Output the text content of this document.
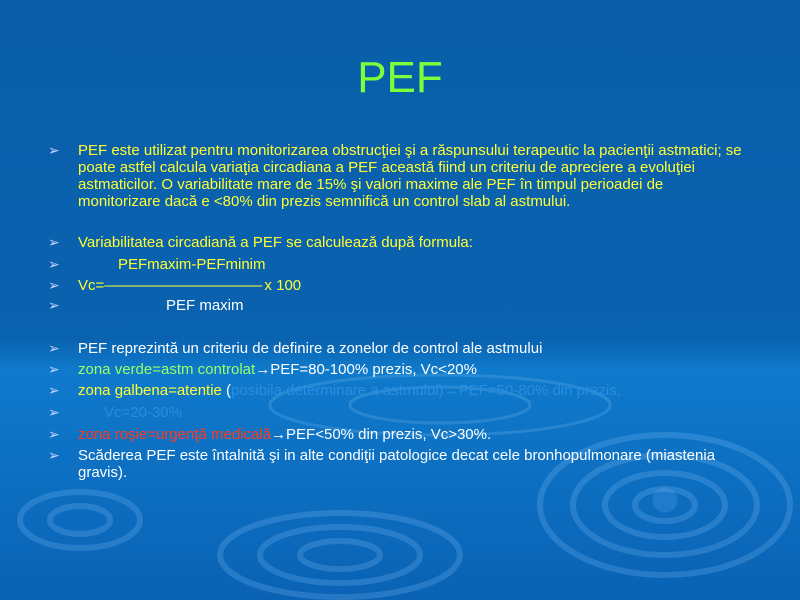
PEF
➢ PEF este utilizat pentru monitorizarea obstrucţiei şi a răspunsului terapeutic la pacienţii astmatici; se poate astfel calcula variaţia circadiana a PEF această fiind un criteriu de apreciere a evoluţiei astmaticilor. O variabilitate mare de 15% şi valori maxime ale PEF în timpul perioadei de monitorizare dacă e <80% din prezis semnifică un control slab al astmului.
➢ Variabilitatea circadiană a PEF se calculează după formula:
➢	PEFmaxim-PEFminim
➢ Vc=———————————— x 100
➢	PEF maxim
➢ PEF reprezintă un criteriu de definire a zonelor de control ale astmului
➢ zona verde=astm controlat→PEF=80-100% prezis, Vc<20%
➢ zona galbena=atentie (posibila determinare a astmului)→PEF=50-80% din prezis,
➢	Vc=20-30%
➢ zona roşie=urgenţă medicală→PEF<50% din prezis, Vc>30%.
➢ Scăderea PEF este întalnită şi in alte condiţii patologice decat cele bronhopulmonare (miastenia gravis).
